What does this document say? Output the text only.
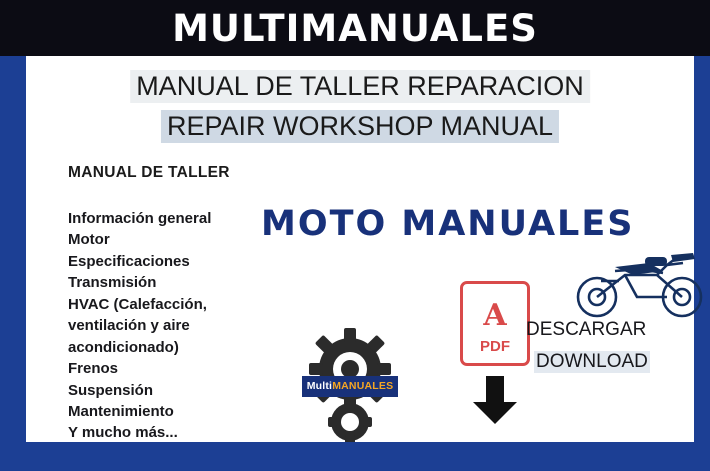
MULTIMANUALES
MANUAL DE TALLER REPARACION
REPAIR WORKSHOP MANUAL
MANUAL DE TALLER
Información general
Motor
Especificaciones
Transmisión
HVAC (Calefacción, ventilación y aire acondicionado)
Frenos
Suspensión
Mantenimiento
Y mucho más...
MOTO MANUALES
MultiMANUALES
A
PDF
DESCARGAR
DOWNLOAD
